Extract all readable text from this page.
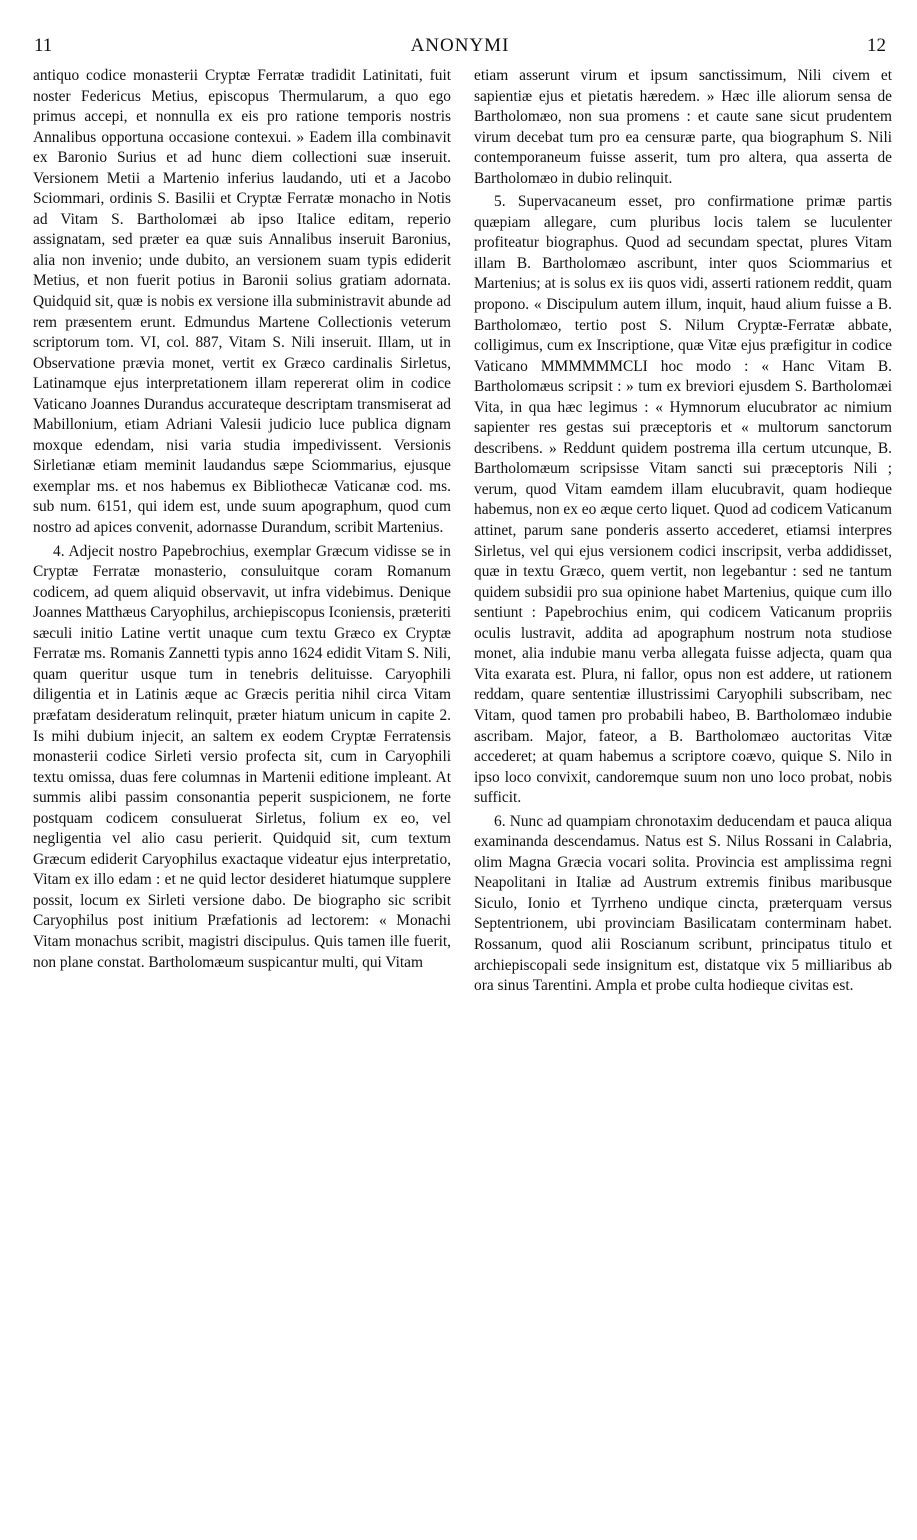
11	ANONYMI	12

antiquo codice monasterii Cryptæ Ferratæ tradidit Latinitati, fuit noster Federicus Metius, episcopus Thermularum, a quo ego primus accepi, et nonnulla ex eis pro ratione temporis nostris Annalibus opportuna occasione contexui. » Eadem illa combinavit ex Baronio Surius et ad hunc diem collectioni suæ inseruit. Versionem Metii a Martenio inferius laudando, uti et a Jacobo Sciommari, ordinis S. Basilii et Cryptæ Ferratæ monacho in Notis ad Vitam S. Bartholomæi ab ipso Italice editam, reperio assignatam, sed præter ea quæ suis Annalibus inseruit Baronius, alia non invenio; unde dubito, an versionem suam typis ediderit Metius, et non fuerit potius in Baronii solius gratiam adornata. Quidquid sit, quæ is nobis ex versione illa subministravit abunde ad rem præsentem erunt. Edmundus Martene Collectionis veterum scriptorum tom. VI, col. 887, Vitam S. Nili inseruit. Illam, ut in Observatione prævia monet, vertit ex Græco cardinalis Sirletus, Latinamque ejus interpretationem illam repererat olim in codice Vaticano Joannes Durandus accurateque descriptam transmiserat ad Mabillonium, etiam Adriani Valesii judicio luce publica dignam moxque edendam, nisi varia studia impedivissent. Versionis Sirletianæ etiam meminit laudandus sæpe Sciommarius, ejusque exemplar ms. et nos habemus ex Bibliothecæ Vaticanæ cod. ms. sub num. 6151, qui idem est, unde suum apographum, quod cum nostro ad apices convenit, adornasse Durandum, scribit Martenius.

4. Adjecit nostro Papebrochius, exemplar Græcum vidisse se in Cryptæ Ferratæ monasterio, consuluitque coram Romanum codicem, ad quem aliquid observavit, ut infra videbimus. Denique Joannes Matthæus Caryophilus, archiepiscopus Iconiensis, præteriti sæculi initio Latine vertit unaque cum textu Græco ex Cryptæ Ferratæ ms. Romanis Zannetti typis anno 1624 edidit Vitam S. Nili, quam queritur usque tum in tenebris delituisse. Caryophili diligentia et in Latinis æque ac Græcis peritia nihil circa Vitam præfatam desideratum relinquit, præter hiatum unicum in capite 2. Is mihi dubium injecit, an saltem ex eodem Cryptæ Ferratensis monasterii codice Sirleti versio profecta sit, cum in Caryophili textu omissa, duas fere columnas in Martenii editione impleant. At summis alibi passim consonantia peperit suspicionem, ne forte postquam codicem consuluerat Sirletus, folium ex eo, vel negligentia vel alio casu perierit. Quidquid sit, cum textum Græcum ediderit Caryophilus exactaque videatur ejus interpretatio, Vitam ex illo edam : et ne quid lector desideret hiatumque supplere possit, locum ex Sirleti versione dabo. De biographo sic scribit Caryophilus post initium Præfationis ad lectorem: « Monachi Vitam monachus scribit, magistri discipulus. Quis tamen ille fuerit, non plane constat. Bartholomæum suspicantur multi, qui Vitam

etiam asserunt virum et ipsum sanctissimum, Nili civem et sapientiæ ejus et pietatis hæredem. » Hæc ille aliorum sensa de Bartholomæo, non sua promens : et caute sane sicut prudentem virum decebat tum pro ea censuræ parte, qua biographum S. Nili contemporaneum fuisse asserit, tum pro altera, qua asserta de Bartholomæo in dubio relinquit.

5. Supervacaneum esset, pro confirmatione primæ partis quæpiam allegare, cum pluribus locis talem se luculenter profiteatur biographus. Quod ad secundam spectat, plures Vitam illam B. Bartholomæo ascribunt, inter quos Sciommarius et Martenius; at is solus ex iis quos vidi, asserti rationem reddit, quam propono. « Discipulum autem illum, inquit, haud alium fuisse a B. Bartholomæo, tertio post S. Nilum Cryptæ-Ferratæ abbate, colligimus, cum ex Inscriptione, quæ Vitæ ejus præfigitur in codice Vaticano MMMMMMCLI hoc modo : « Hanc Vitam B. Bartholomæus scripsit : » tum ex breviori ejusdem S. Bartholomæi Vita, in qua hæc legimus : « Hymnorum elucubrator ac nimium sapienter res gestas sui præceptoris et « multorum sanctorum describens. » Reddunt quidem postrema illa certum utcunque, B. Bartholomæum scripsisse Vitam sancti sui præceptoris Nili ; verum, quod Vitam eamdem illam elucubravit, quam hodieque habemus, non ex eo æque certo liquet. Quod ad codicem Vaticanum attinet, parum sane ponderis asserto accederet, etiamsi interpres Sirletus, vel qui ejus versionem codici inscripsit, verba addidisset, quæ in textu Græco, quem vertit, non legebantur : sed ne tantum quidem subsidii pro sua opinione habet Martenius, quique cum illo sentiunt : Papebrochius enim, qui codicem Vaticanum propriis oculis lustravit, addita ad apographum nostrum nota studiose monet, alia indubie manu verba allegata fuisse adjecta, quam qua Vita exarata est. Plura, ni fallor, opus non est addere, ut rationem reddam, quare sententiæ illustrissimi Caryophili subscribam, nec Vitam, quod tamen pro probabili habeo, B. Bartholomæo indubie ascribam. Major, fateor, a B. Bartholomæo auctoritas Vitæ accederet; at quam habemus a scriptore coævo, quique S. Nilo in ipso loco convixit, candoremque suum non uno loco probat, nobis sufficit.

6. Nunc ad quampiam chronotaxim deducendam et pauca aliqua examinanda descendamus. Natus est S. Nilus Rossani in Calabria, olim Magna Græcia vocari solita. Provincia est amplissima regni Neapolitani in Italiæ ad Austrum extremis finibus maribusque Siculo, Ionio et Tyrrheno undique cincta, præterquam versus Septentrionem, ubi provinciam Basilicatam conterminam habet. Rossanum, quod alii Roscianum scribunt, principatus titulo et archiepiscopali sede insignitum est, distatque vix 5 milliaribus ab ora sinus Tarentini. Ampla et probe culta hodieque civitas est.
